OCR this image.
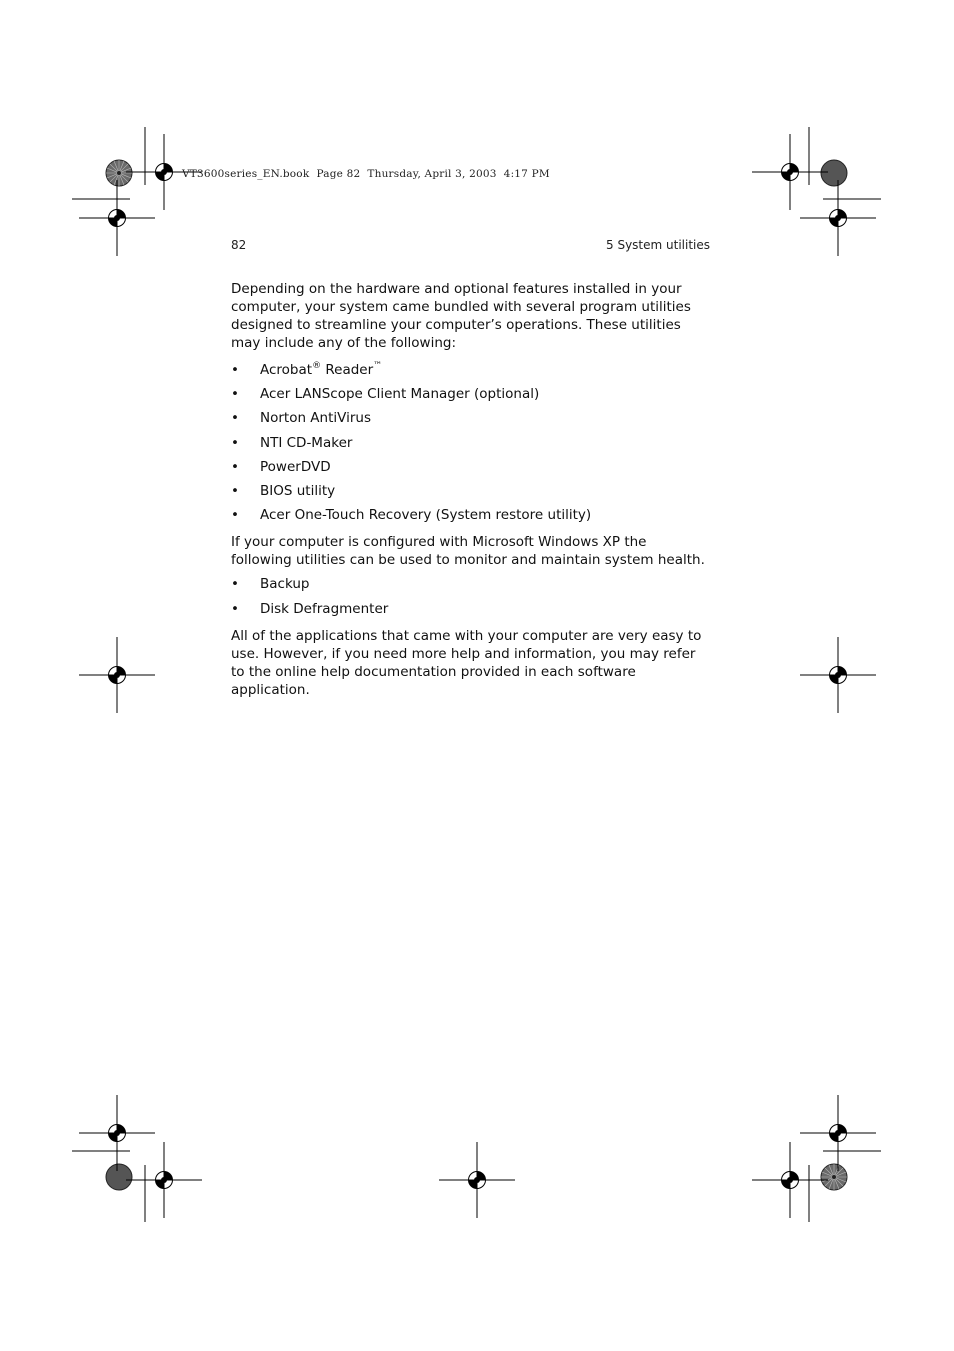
VT3600series_EN.book  Page 82  Thursday, April 3, 2003  4:17 PM
82	5 System utilities

Depending on the hardware and optional features installed in your computer, your system came bundled with several program utilities designed to streamline your computer’s operations. These utilities may include any of the following:

• Acrobat® Reader™
• Acer LANScope Client Manager (optional)
• Norton AntiVirus
• NTI CD-Maker
• PowerDVD
• BIOS utility
• Acer One-Touch Recovery (System restore utility)

If your computer is configured with Microsoft Windows XP the following utilities can be used to monitor and maintain system health.

• Backup
• Disk Defragmenter

All of the applications that came with your computer are very easy to use. However, if you need more help and information, you may refer to the online help documentation provided in each software application.
